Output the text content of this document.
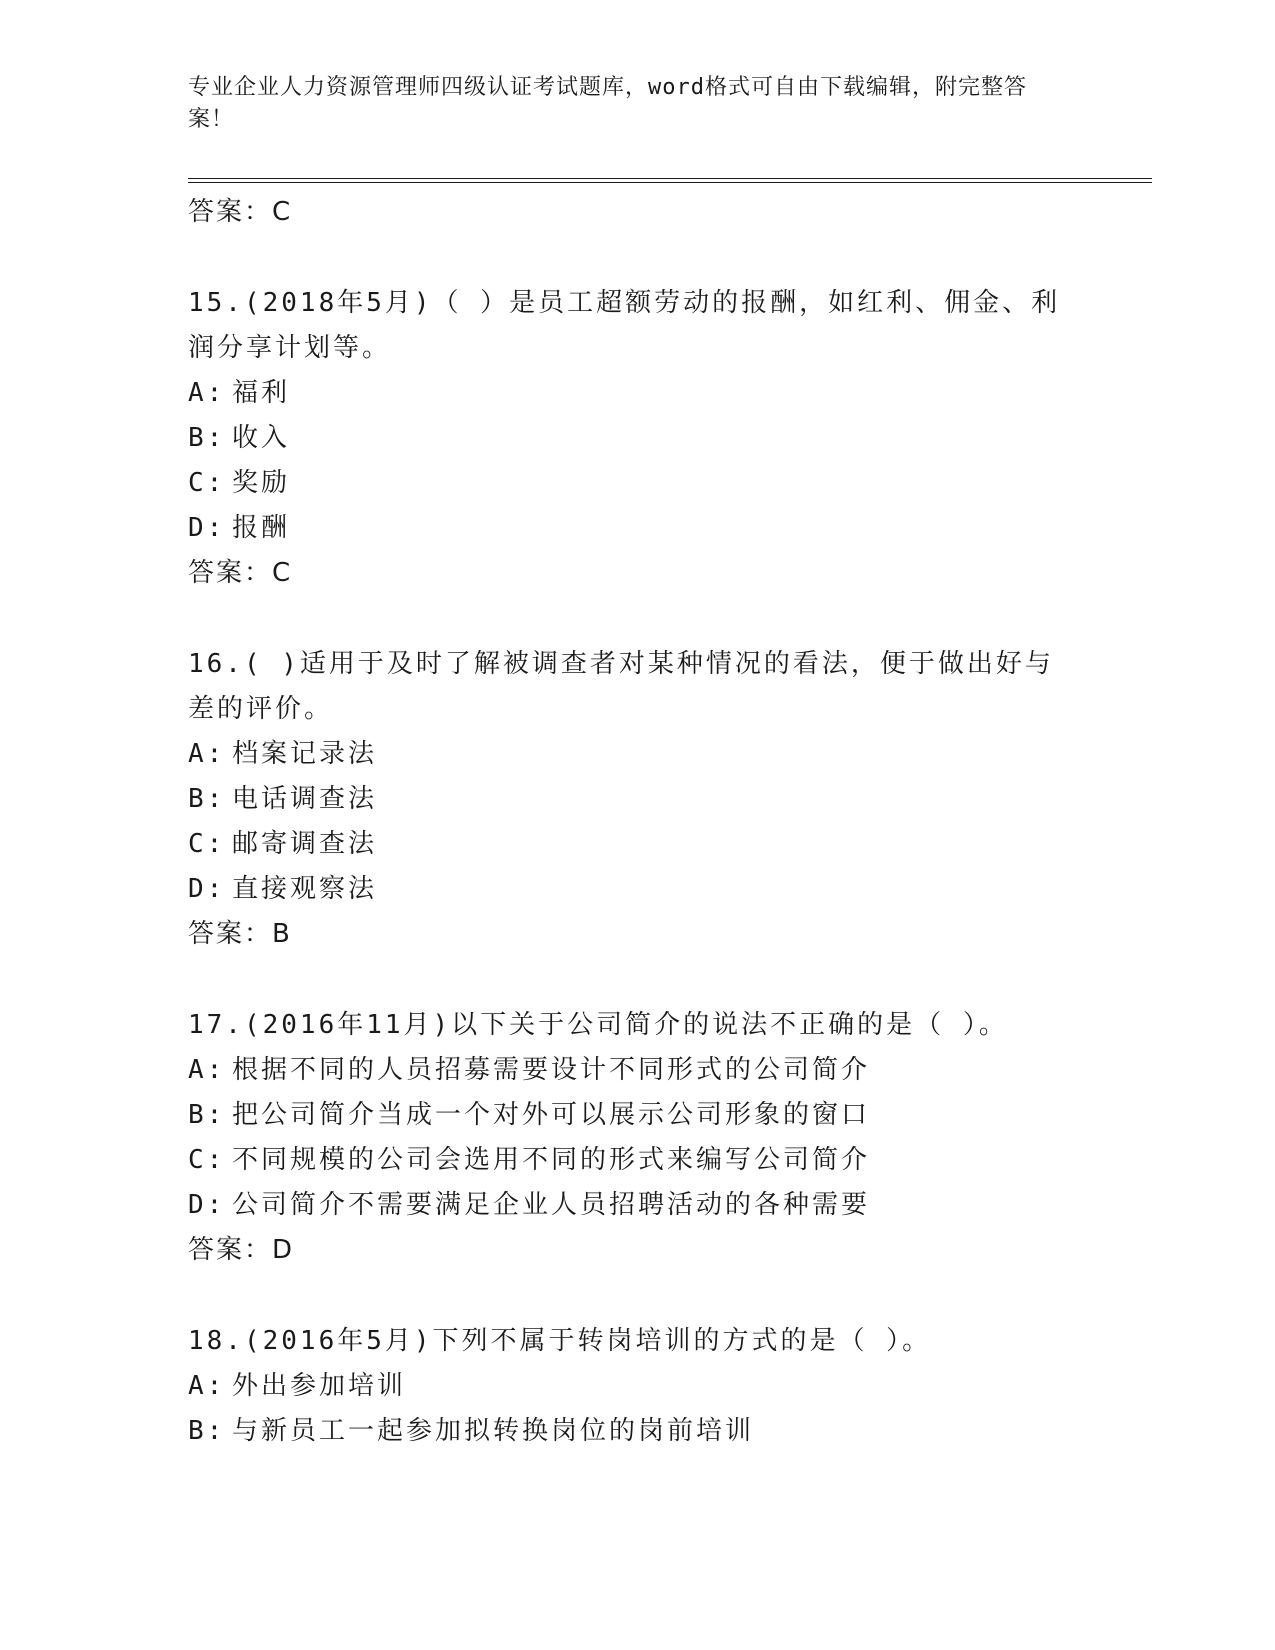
专业企业人力资源管理师四级认证考试题库，word格式可自由下载编辑，附完整答案！
答案：C
15.(2018年5月)（ ）是员工超额劳动的报酬，如红利、佣金、利润分享计划等。
A: 福利
B: 收入
C: 奖励
D: 报酬
答案：C
16.( )适用于及时了解被调查者对某种情况的看法，便于做出好与差的评价。
A: 档案记录法
B: 电话调查法
C: 邮寄调查法
D: 直接观察法
答案：B
17.(2016年11月)以下关于公司简介的说法不正确的是（ ）。
A: 根据不同的人员招募需要设计不同形式的公司简介
B: 把公司简介当成一个对外可以展示公司形象的窗口
C: 不同规模的公司会选用不同的形式来编写公司简介
D: 公司简介不需要满足企业人员招聘活动的各种需要
答案：D
18.(2016年5月)下列不属于转岗培训的方式的是（ ）。
A: 外出参加培训
B: 与新员工一起参加拟转换岗位的岗前培训
